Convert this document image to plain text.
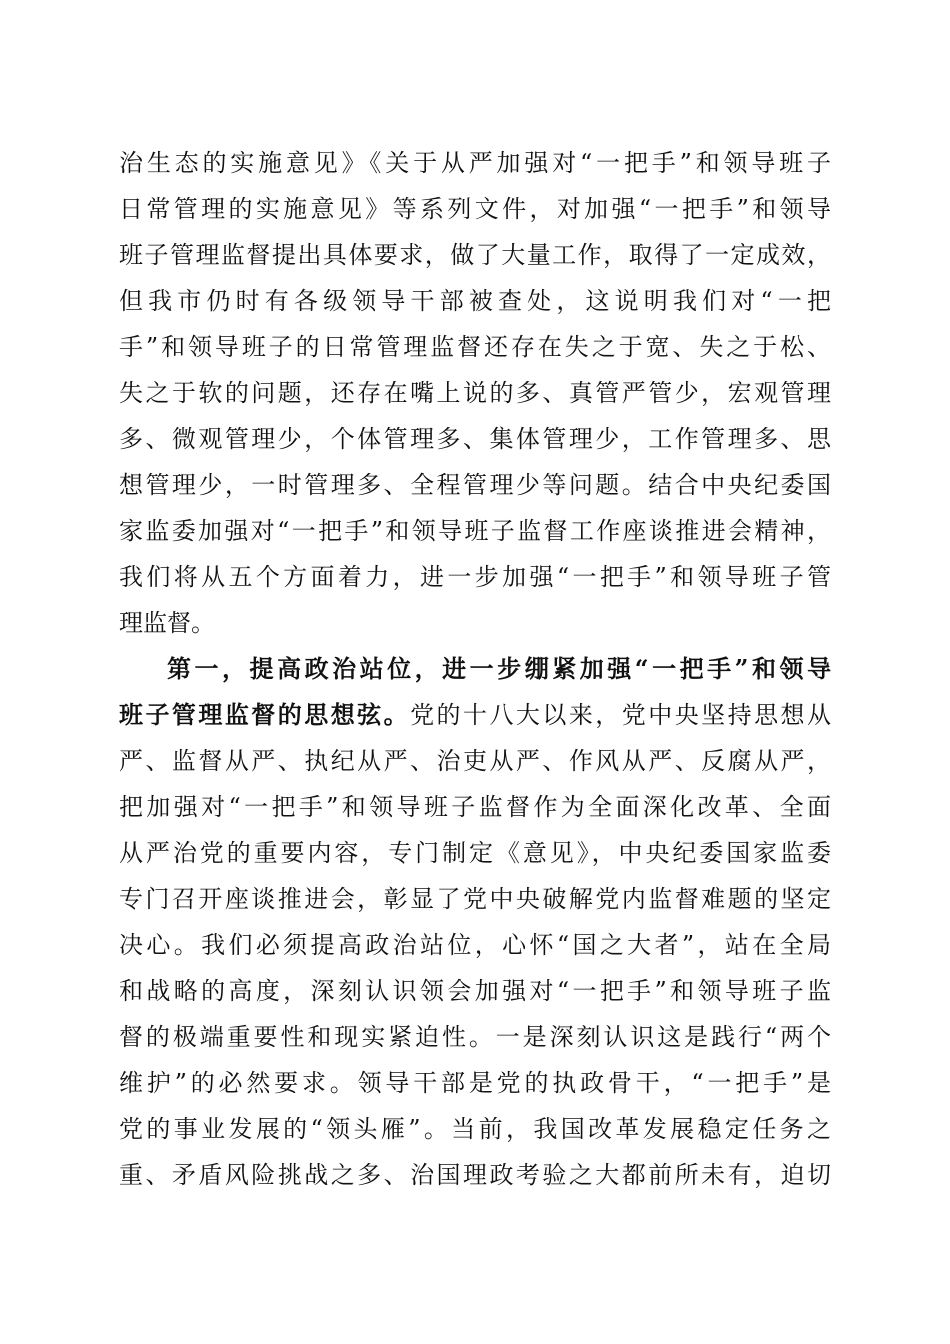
治生态的实施意见》《关于从严加强对“一把手”和领导班子
日常管理的实施意见》等系列文件，对加强“一把手”和领导
班子管理监督提出具体要求，做了大量工作，取得了一定成效，
但我市仍时有各级领导干部被查处，这说明我们对“一把
手”和领导班子的日常管理监督还存在失之于宽、失之于松、
失之于软的问题，还存在嘴上说的多、真管严管少，宏观管理
多、微观管理少，个体管理多、集体管理少，工作管理多、思
想管理少，一时管理多、全程管理少等问题。结合中央纪委国
家监委加强对“一把手”和领导班子监督工作座谈推进会精神，
我们将从五个方面着力，进一步加强“一把手”和领导班子管
理监督。
第一，提高政治站位，进一步绷紧加强“一把手”和领导
班子管理监督的思想弦。党的十八大以来，党中央坚持思想从
严、监督从严、执纪从严、治吏从严、作风从严、反腐从严，
把加强对“一把手”和领导班子监督作为全面深化改革、全面
从严治党的重要内容，专门制定《意见》，中央纪委国家监委
专门召开座谈推进会，彰显了党中央破解党内监督难题的坚定
决心。我们必须提高政治站位，心怀“国之大者”，站在全局
和战略的高度，深刻认识领会加强对“一把手”和领导班子监
督的极端重要性和现实紧迫性。一是深刻认识这是践行“两个
维护”的必然要求。领导干部是党的执政骨干，“一把手”是
党的事业发展的“领头雁”。当前，我国改革发展稳定任务之
重、矛盾风险挑战之多、治国理政考验之大都前所未有，迫切
